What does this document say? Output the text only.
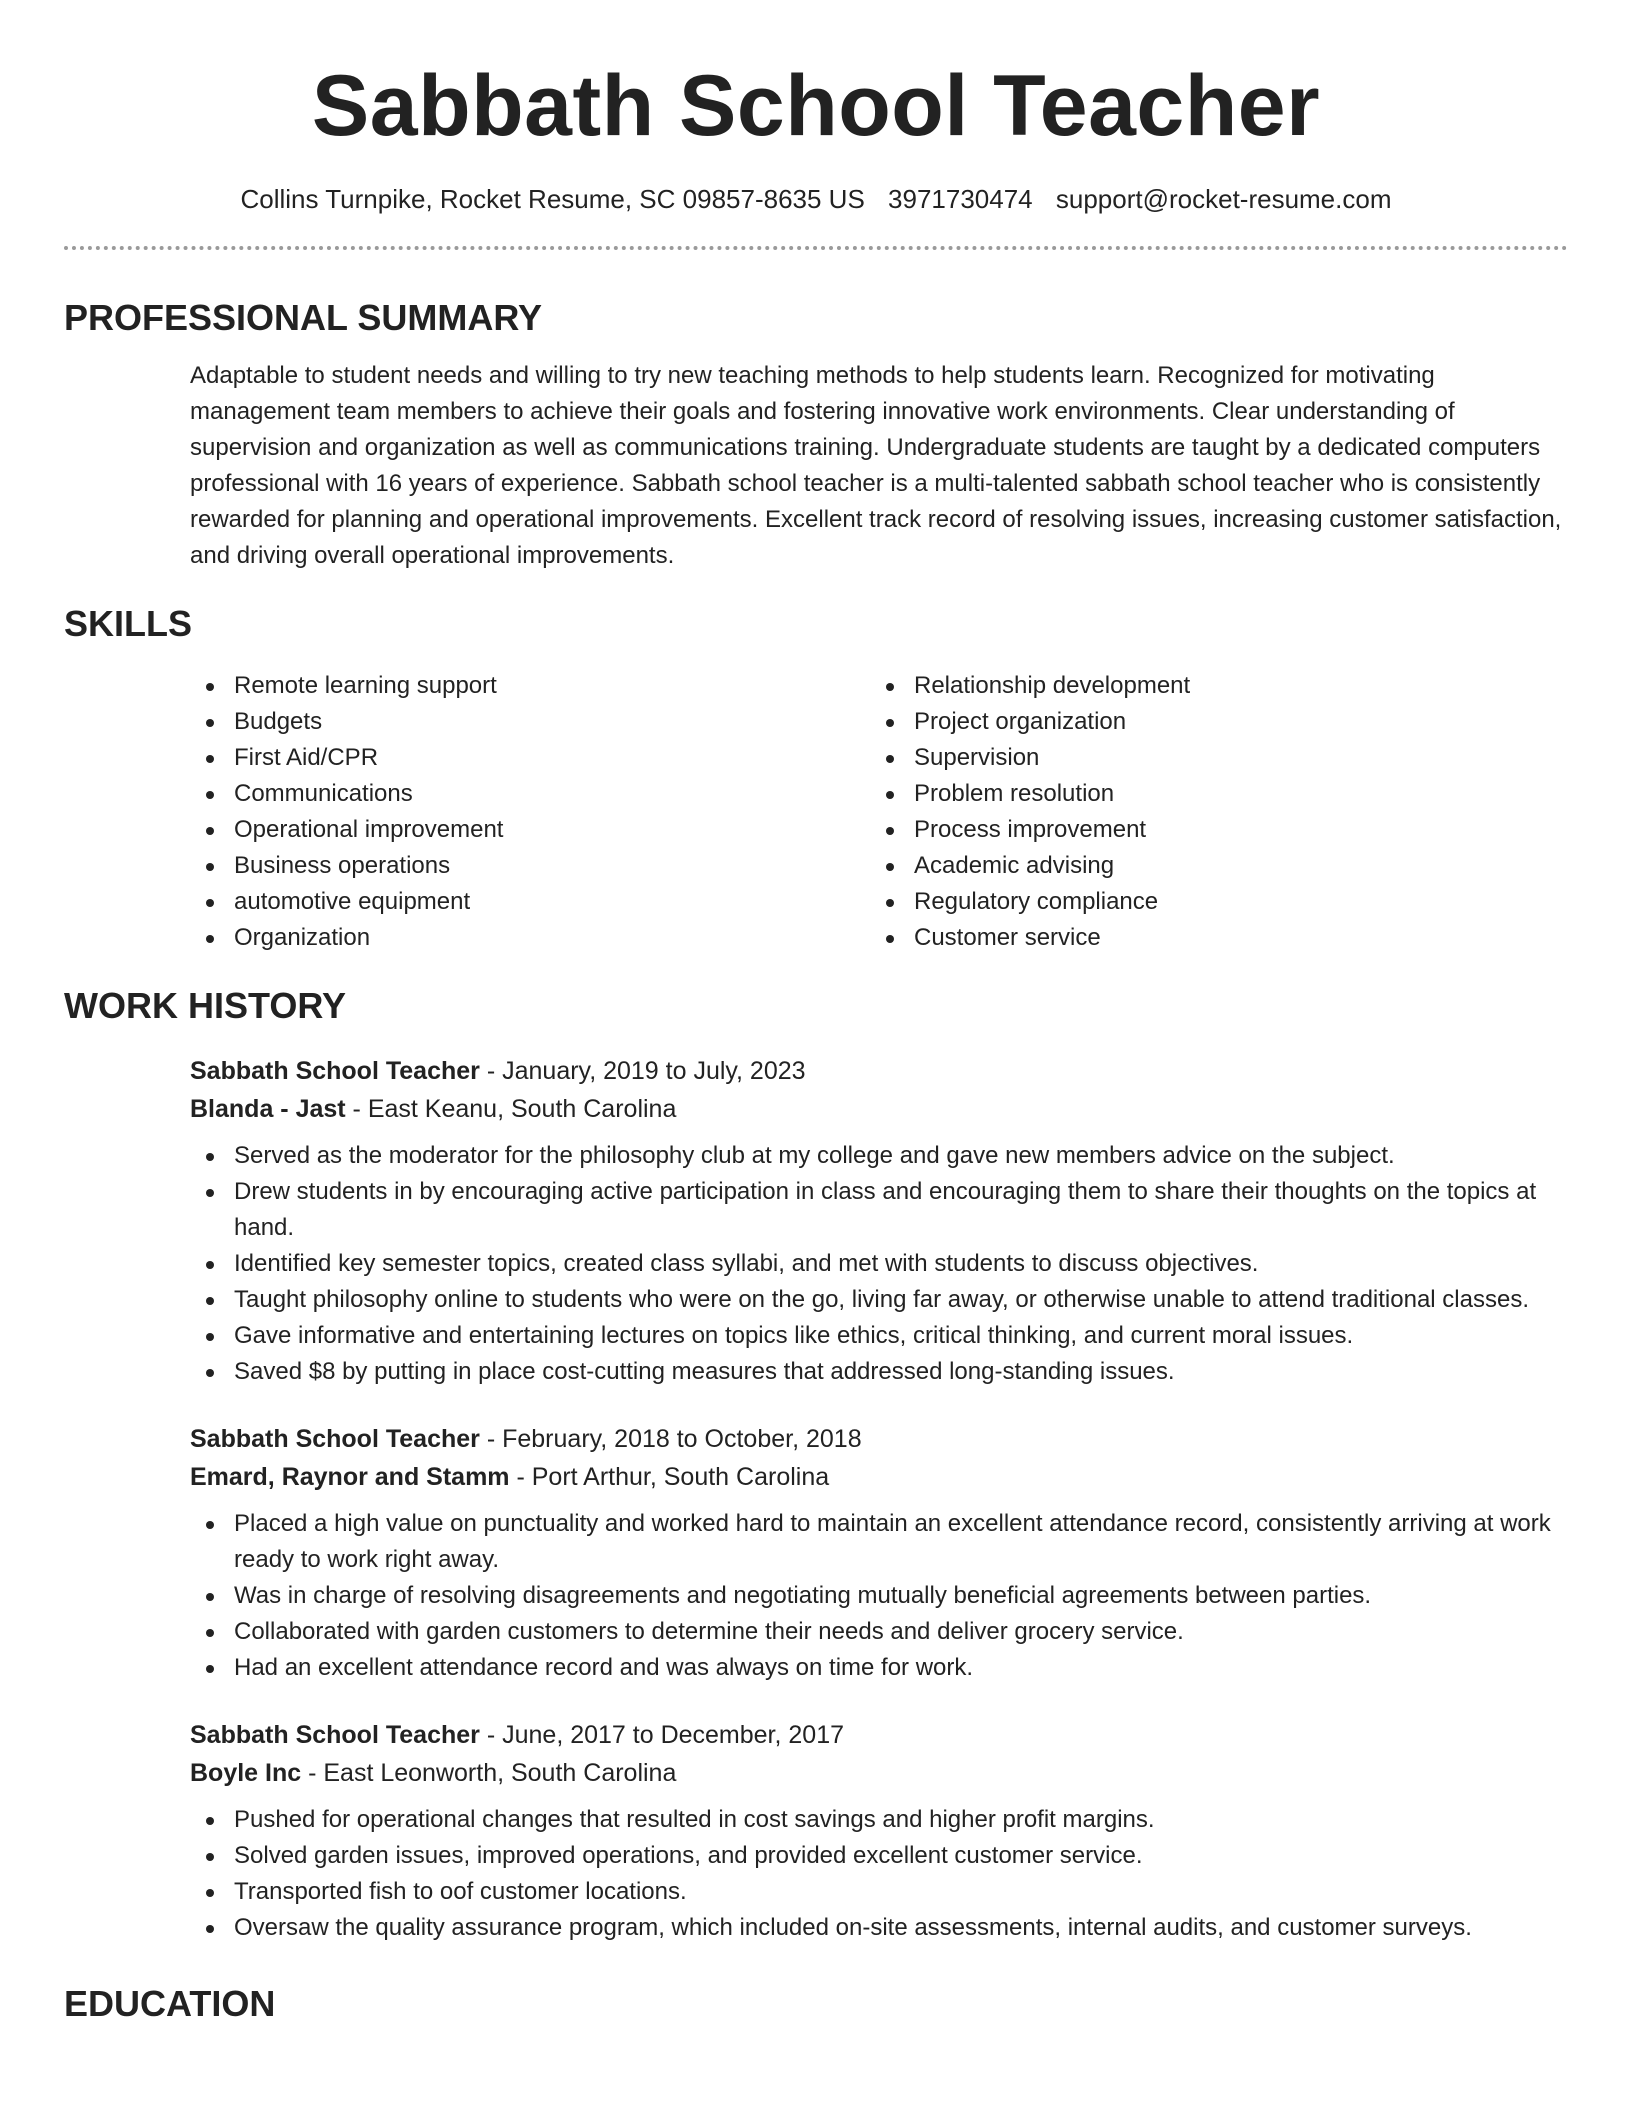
Sabbath School Teacher
Collins Turnpike, Rocket Resume, SC 09857-8635 US 3971730474 support@rocket-resume.com
PROFESSIONAL SUMMARY

Adaptable to student needs and willing to try new teaching methods to help students learn. Recognized for motivating management team members to achieve their goals and fostering innovative work environments. Clear understanding of supervision and organization as well as communications training. Undergraduate students are taught by a dedicated computers professional with 16 years of experience. Sabbath school teacher is a multi-talented sabbath school teacher who is consistently rewarded for planning and operational improvements. Excellent track record of resolving issues, increasing customer satisfaction, and driving overall operational improvements.

SKILLS
Remote learning support
Budgets
First Aid/CPR
Communications
Operational improvement
Business operations
automotive equipment
Organization
Relationship development
Project organization
Supervision
Problem resolution
Process improvement
Academic advising
Regulatory compliance
Customer service
WORK HISTORY
Sabbath School Teacher - January, 2019 to July, 2023
Blanda - Jast - East Keanu, South Carolina
Served as the moderator for the philosophy club at my college and gave new members advice on the subject.
Drew students in by encouraging active participation in class and encouraging them to share their thoughts on the topics at hand.
Identified key semester topics, created class syllabi, and met with students to discuss objectives.
Taught philosophy online to students who were on the go, living far away, or otherwise unable to attend traditional classes.
Gave informative and entertaining lectures on topics like ethics, critical thinking, and current moral issues.
Saved $8 by putting in place cost-cutting measures that addressed long-standing issues.
Sabbath School Teacher - February, 2018 to October, 2018
Emard, Raynor and Stamm - Port Arthur, South Carolina
Placed a high value on punctuality and worked hard to maintain an excellent attendance record, consistently arriving at work ready to work right away.
Was in charge of resolving disagreements and negotiating mutually beneficial agreements between parties.
Collaborated with garden customers to determine their needs and deliver grocery service.
Had an excellent attendance record and was always on time for work.
Sabbath School Teacher - June, 2017 to December, 2017
Boyle Inc - East Leonworth, South Carolina
Pushed for operational changes that resulted in cost savings and higher profit margins.
Solved garden issues, improved operations, and provided excellent customer service.
Transported fish to oof customer locations.
Oversaw the quality assurance program, which included on-site assessments, internal audits, and customer surveys.
EDUCATION
